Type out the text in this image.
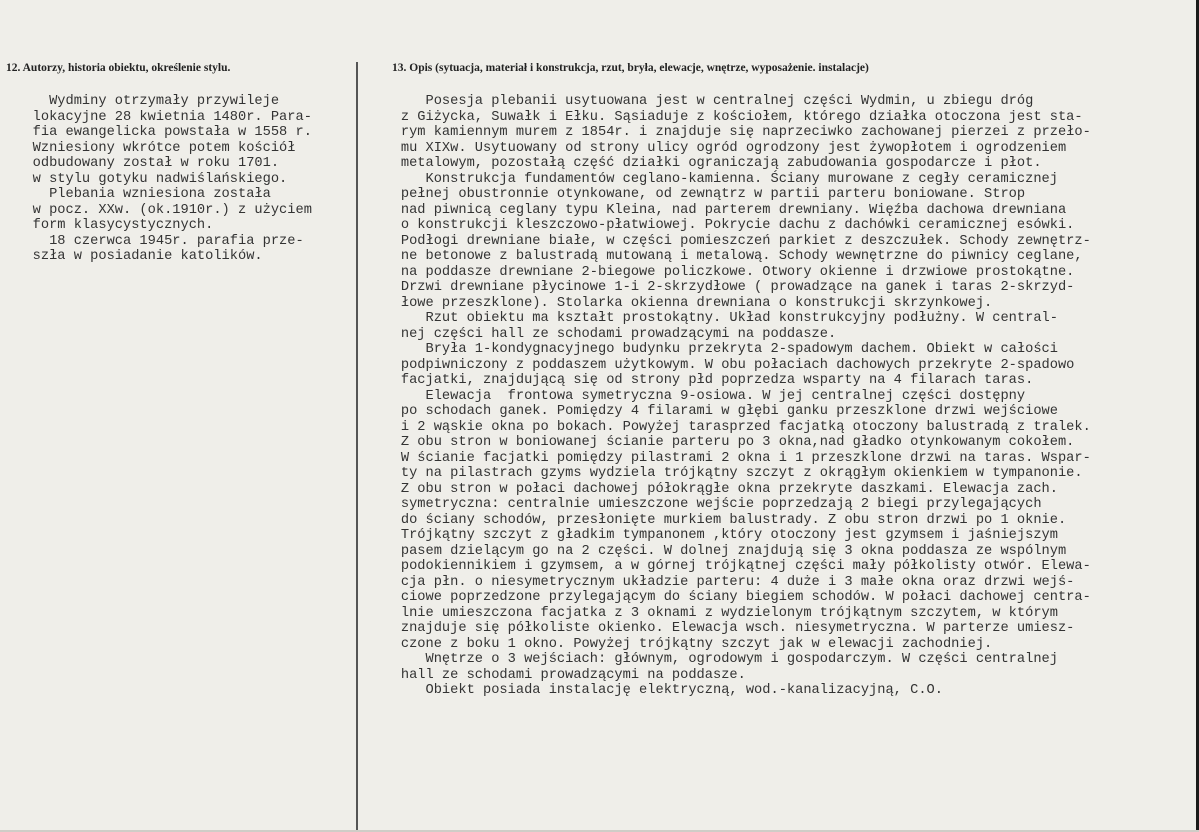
12. Autorzy, historia obiektu, określenie stylu.	13. Opis (sytuacja, materiał i konstrukcja, rzut, bryła, elewacje, wnętrze, wyposażenie. instalacje)
Wydminy otrzymały przywileje
lokacyjne 28 kwietnia 1480r. Para-
fia ewangelicka powstała w 1558 r.
Wzniesiony wkrótce potem kościół
odbudowany został w roku 1701.
w stylu gotyku nadwiślańskiego.
Plebania wzniesiona została
w pocz. XXw. (ok.1910r.) z użyciem
form klasycystycznych.
18 czerwca 1945r. parafia prze-
szła w posiadanie katolików.
Posesja plebanii usytuowana jest w centralnej części Wydmin, u zbiegu dróg
z Giżycka, Suwałk i Ełku. Sąsiaduje z kościołem, którego działka otoczona jest sta-
rym kamiennym murem z 1854r. i znajduje się naprzeciwko zachowanej pierzei z przeło-
mu XIXw. Usytuowany od strony ulicy ogród ogrodzony jest żywopłotem i ogrodzeniem
metalowym, pozostałą część działki ograniczają zabudowania gospodarcze i płot.
Konstrukcja fundamentów ceglano-kamienna. Ściany murowane z cegły ceramicznej
pełnej obustronnie otynkowane, od zewnątrz w partii parteru boniowane. Strop
nad piwnicą ceglany typu Kleina, nad parterem drewniany. Więźba dachowa drewniana
o konstrukcji kleszczowo-płatwiowej. Pokrycie dachu z dachówki ceramicznej esówki.
Podłogi drewniane białe, w części pomieszczeń parkiet z deszczułek. Schody zewnętrz-
ne betonowe z balustradą mutowaną i metalową. Schody wewnętrzne do piwnicy ceglane,
na poddasze drewniane 2-biegowe policzkowe. Otwory okienne i drzwiowe prostokątne.
Drzwi drewniane płycinowe 1-i 2-skrzydłowe ( prowadzące na ganek i taras 2-skrzyd-
łowe przeszklone). Stolarka okienna drewniana o konstrukcji skrzynkowej.
Rzut obiektu ma kształt prostokątny. Układ konstrukcyjny podłużny. W central-
nej części hall ze schodami prowadzącymi na poddasze.
Bryła 1-kondygnacyjnego budynku przekryta 2-spadowym dachem. Obiekt w całości
podpiwniczony z poddaszem użytkowym. W obu połaciach dachowych przekryte 2-spadowo
facjatki, znajdującą się od strony płd poprzedza wsparty na 4 filarach taras.
Elewacja  frontowa symetryczna 9-osiowa. W jej centralnej części dostępny
po schodach ganek. Pomiędzy 4 filarami w głębi ganku przeszklone drzwi wejściowe
i 2 wąskie okna po bokach. Powyżej tarasprzed facjatką otoczony balustradą z tralek.
Z obu stron w boniowanej ścianie parteru po 3 okna,nad gładko otynkowanym cokołem.
W ścianie facjatki pomiędzy pilastrami 2 okna i 1 przeszklone drzwi na taras. Wspar-
ty na pilastrach gzyms wydziela trójkątny szczyt z okrągłym okienkiem w tympanonie.
Z obu stron w połaci dachowej półokrągłe okna przekryte daszkami. Elewacja zach.
symetryczna: centralnie umieszczone wejście poprzedzają 2 biegi przylegających
do ściany schodów, przesłonięte murkiem balustrady. Z obu stron drzwi po 1 oknie.
Trójkątny szczyt z gładkim tympanonem ,który otoczony jest gzymsem i jaśniejszym
pasem dzielącym go na 2 części. W dolnej znajdują się 3 okna poddasza ze wspólnym
podokiennikiem i gzymsem, a w górnej trójkątnej części mały półkolisty otwór. Elewa-
cja płn. o niesymetrycznym układzie parteru: 4 duże i 3 małe okna oraz drzwi wejś-
ciowe poprzedzone przylegającym do ściany biegiem schodów. W połaci dachowej centra-
lnie umieszczona facjatka z 3 oknami z wydzielonym trójkątnym szczytem, w którym
znajduje się półkoliste okienko. Elewacja wsch. niesymetryczna. W parterze umiesz-
czone z boku 1 okno. Powyżej trójkątny szczyt jak w elewacji zachodniej.
Wnętrze o 3 wejściach: głównym, ogrodowym i gospodarczym. W części centralnej
hall ze schodami prowadzącymi na poddasze.
Obiekt posiada instalację elektryczną, wod.-kanalizacyjną, C.O.
